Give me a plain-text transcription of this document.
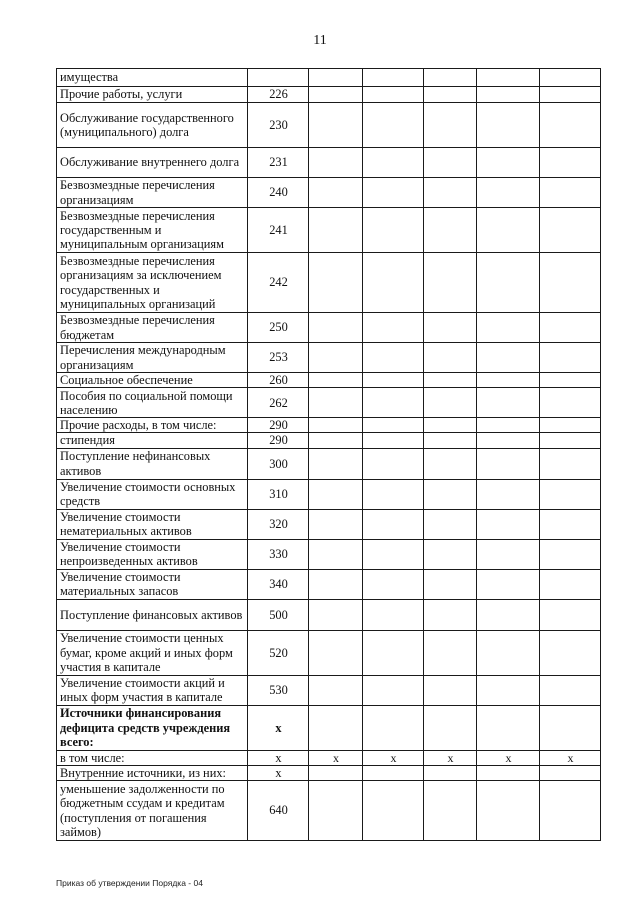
11
имущества							
Прочие работы, услуги	226						
Обслуживание государственного (муниципального) долга	230						
Обслуживание внутреннего долга	231						
Безвозмездные перечисления организациям	240						
Безвозмездные перечисления государственным и муниципальным организациям	241						
Безвозмездные перечисления организациям за исключением государственных и муниципальных организаций	242						
Безвозмездные перечисления бюджетам	250						
Перечисления международным организациям	253						
Социальное обеспечение	260						
Пособия по социальной помощи населению	262						
Прочие расходы, в том числе:	290						
стипендия	290						
Поступление нефинансовых активов	300						
Увеличение стоимости основных средств	310						
Увеличение стоимости нематериальных активов	320						
Увеличение стоимости непроизведенных активов	330						
Увеличение стоимости материальных запасов	340						
Поступление финансовых активов	500						
Увеличение стоимости ценных бумаг, кроме акций и иных форм участия в капитале	520						
Увеличение стоимости акций и иных форм участия в капитале	530						
Источники финансирования дефицита средств учреждения всего:	x						
в том числе:	x	x	x	x	x	x	
Внутренние источники, из них:	x						
уменьшение задолженности по бюджетным ссудам и кредитам (поступления от погашения займов)	640						
Приказ об утверждении Порядка - 04
